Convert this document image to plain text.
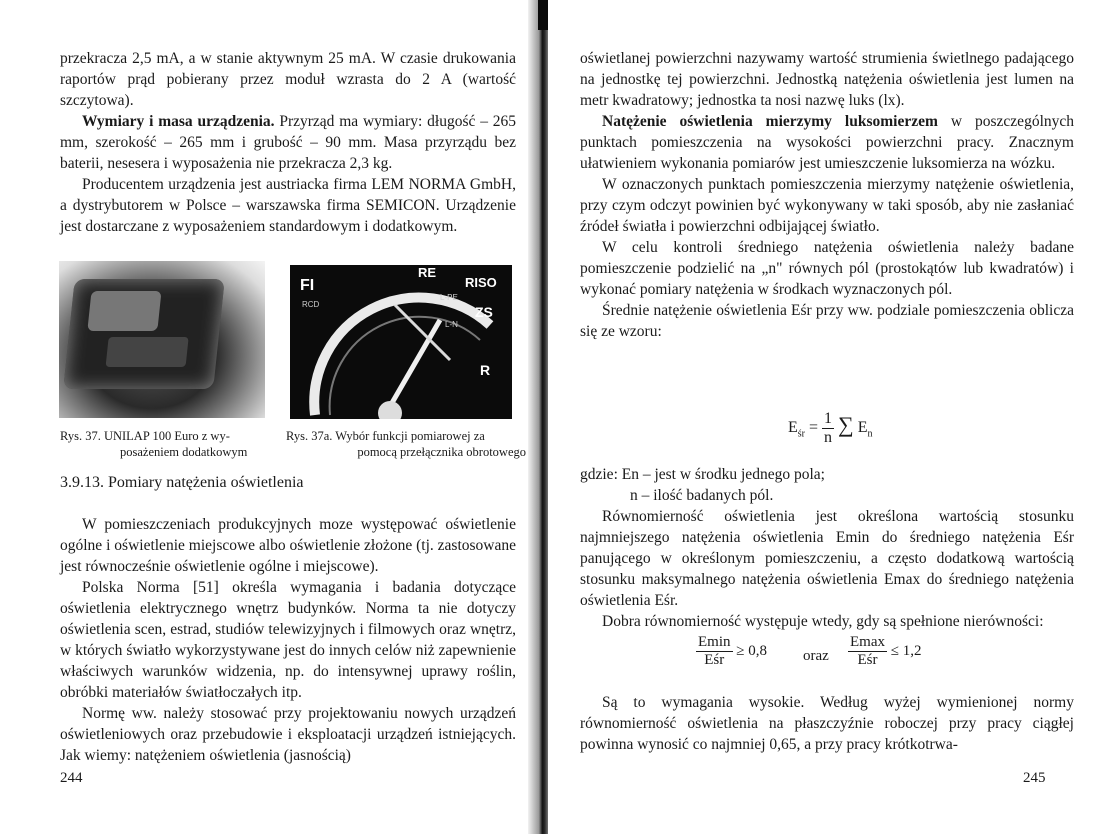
przekracza 2,5 mA, a w stanie aktywnym 25 mA. W czasie drukowania raportów prąd pobierany przez moduł wzrasta do 2 A (wartość szczytowa).

Wymiary i masa urządzenia. Przyrząd ma wymiary: długość – 265 mm, szerokość – 265 mm i grubość – 90 mm. Masa przyrządu bez baterii, nesesera i wyposażenia nie przekracza 2,3 kg.

Producentem urządzenia jest austriacka firma LEM NORMA GmbH, a dystrybutorem w Polsce – warszawska firma SEMICON. Urządzenie jest dostarczane z wyposażeniem standardowym i dodatkowym.

FI	RISO
RE
ZS
R
RCD
L-PE
L-N
Rys. 37. UNILAP 100 Euro z wy-
posażeniem dodatkowym
Rys. 37a. Wybór funkcji pomiarowej za
pomocą przełącznika obrotowego
3.9.13. Pomiary natężenia oświetlenia

W pomieszczeniach produkcyjnych moze występować oświetlenie ogólne i oświetlenie miejscowe albo oświetlenie złożone (tj. zastosowane jest równocześnie oświetlenie ogólne i miejscowe).

Polska Norma [51] określa wymagania i badania dotyczące oświetlenia elektrycznego wnętrz budynków. Norma ta nie dotyczy oświetlenia scen, estrad, studiów telewizyjnych i filmowych oraz wnętrz, w których światło wykorzystywane jest do innych celów niż zapewnienie właściwych warunków widzenia, np. do intensywnej uprawy roślin, obróbki materiałów światłoczałych itp.

Normę ww. należy stosować przy projektowaniu nowych urządzeń oświetleniowych oraz przebudowie i eksploatacji urządzeń istniejących. Jak wiemy: natężeniem oświetlenia (jasnością)

244

oświetlanej powierzchni nazywamy wartość strumienia świetlnego padającego na jednostkę tej powierzchni. Jednostką natężenia oświetlenia jest lumen na metr kwadratowy; jednostka ta nosi nazwę luks (lx).

Natężenie oświetlenia mierzymy luksomierzem w poszczególnych punktach pomieszczenia na wysokości powierzchni pracy. Znacznym ułatwieniem wykonania pomiarów jest umieszczenie luksomierza na wózku.

W oznaczonych punktach pomieszczenia mierzymy natężenie oświetlenia, przy czym odczyt powinien być wykonywany w taki sposób, aby nie zasłaniać źródeł światła i powierzchni odbijającej światło.

W celu kontroli średniego natężenia oświetlenia należy badane pomieszczenie podzielić na „n" równych pól (prostokątów lub kwadratów) i wykonać pomiary natężenia w środkach wyznaczonych pól.

Średnie natężenie oświetlenia Eśr przy ww. podziale pomieszczenia oblicza się ze wzoru:

$E_{śr} = \frac{1}{n}$ ∑ $E_n$
gdzie: En – jest w środku jednego pola;
n – ilość badanych pól.

Równomierność oświetlenia jest określona wartością stosunku najmniejszego natężenia oświetlenia Emin do średniego natężenia Eśr panującego w określonym pomieszczeniu, a często dodatkową wartością stosunku maksymalnego natężenia oświetlenia Emax do średniego natężenia oświetlenia Eśr.

Dobra równomierność występuje wtedy, gdy są spełnione nierówności:

$\frac{Emin}{\text{Eśr}} \ge 0,8$ oraz $\frac{Emax}{\text{Eśr}} \le 1,2$

Są to wymagania wysokie. Według wyżej wymienionej normy równomierność oświetlenia na płaszczyźnie roboczej przy pracy ciągłej powinna wynosić co najmniej 0,65, a przy pracy krótkotrwa-

245
